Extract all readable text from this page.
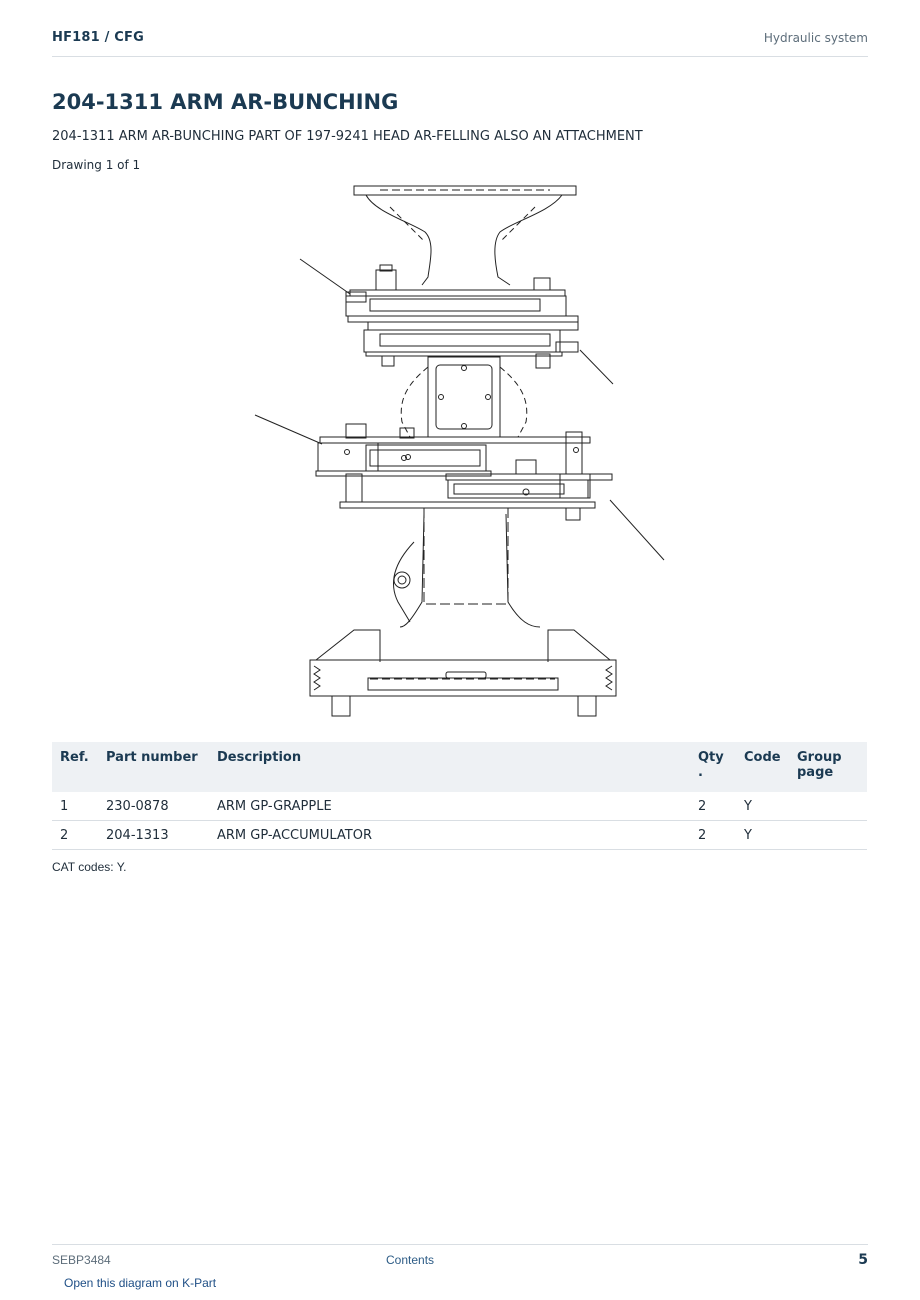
HF181 / CFG	Hydraulic system
204-1311 ARM AR-BUNCHING
204-1311 ARM AR-BUNCHING PART OF 197-9241 HEAD AR-FELLING ALSO AN ATTACHMENT
Drawing 1 of 1
Ref.	Part number	Description	Qty .	Code	Group page
1	230-0878	ARM GP-GRAPPLE	2	Y	
2	204-1313	ARM GP-ACCUMULATOR	2	Y	
CAT codes: Y.
SEBP3484	Contents	5
Open this diagram on K-Part
